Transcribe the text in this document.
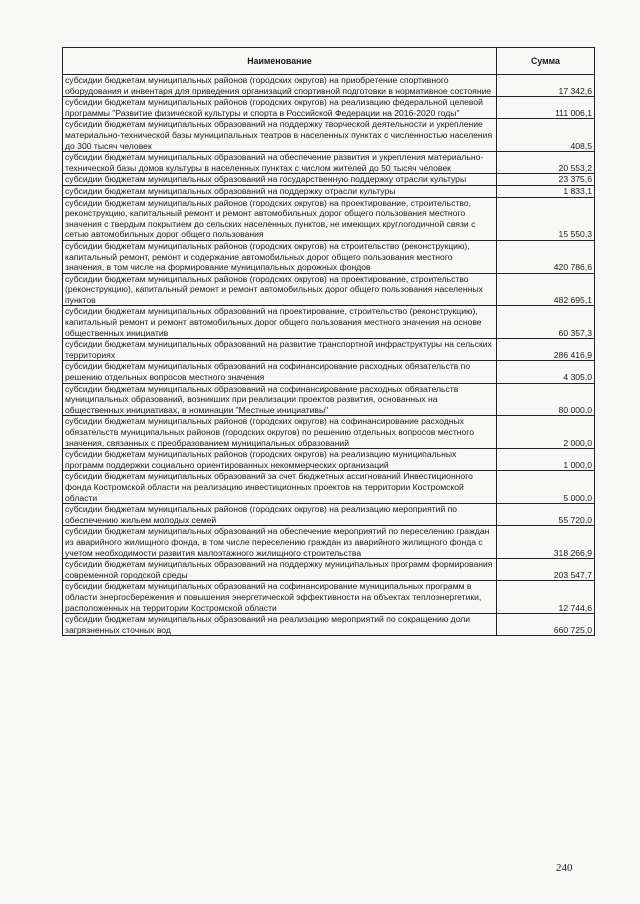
Наименование	Сумма
субсидии бюджетам муниципальных районов (городских округов) на приобретение спортивного оборудования и инвентаря для приведения организаций спортивной подготовки в нормативное состояние	17 342,6
субсидии бюджетам муниципальных районов (городских округов) на реализацию федеральной целевой программы "Развитие физической культуры и спорта в Российской Федерации на 2016-2020 годы"	111 006,1
субсидии бюджетам муниципальных образований на поддержку творческой деятельности и укрепление материально-технической базы муниципальных театров в населенных пунктах с численностью населения до 300 тысяч человек	408,5
субсидии бюджетам муниципальных образований на обеспечение развития и укрепления материально-технической базы домов культуры в населенных пунктах с числом жителей до 50 тысяч человек	20 553,2
субсидии бюджетам муниципальных образований на государственную поддержку отрасли культуры	23 375,6
субсидии бюджетам муниципальных образований на поддержку отрасли культуры	1 833,1
субсидии бюджетам муниципальных районов (городских округов) на проектирование, строительство, реконструкцию, капитальный ремонт и ремонт автомобильных дорог общего пользования местного значения с твердым покрытием до сельских населенных пунктов, не имеющих круглогодичной связи с сетью автомобильных дорог общего пользования	15 550,3
субсидии бюджетам муниципальных районов (городских округов) на строительство (реконструкцию), капитальный ремонт, ремонт и содержание автомобильных дорог общего пользования местного значения, в том числе на формирование муниципальных дорожных фондов	420 786,6
субсидии бюджетам муниципальных районов (городских округов) на проектирование, строительство (реконструкцию), капитальный ремонт и ремонт автомобильных дорог общего пользования населенных пунктов	482 695,1
субсидии бюджетам муниципальных образований на проектирование, строительство (реконструкцию), капитальный ремонт и ремонт автомобильных дорог общего пользования местного значения на основе общественных инициатив	60 357,3
субсидии бюджетам муниципальных образований на развитие транспортной инфраструктуры на сельских территориях	286 416,9
субсидии бюджетам муниципальных образований на софинансирование расходных обязательств по решению отдельных вопросов местного значения	4 305,0
субсидии бюджетам муниципальных образований на софинансирование расходных обязательств муниципальных образований, возникших при реализации проектов развития, основанных на общественных инициативах, в номинации "Местные инициативы"	80 000,0
субсидии бюджетам муниципальных районов (городских округов) на софинансирование расходных обязательств муниципальных районов (городских округов) по решению отдельных вопросов местного значения, связанных с преобразованием муниципальных образований	2 000,0
субсидии бюджетам муниципальных районов (городских округов) на реализацию муниципальных программ поддержки социально ориентированных некоммерческих организаций	1 000,0
субсидии бюджетам муниципальных образований за счет бюджетных ассигнований Инвестиционного фонда Костромской области на реализацию инвестиционных проектов на территории Костромской области	5 000,0
субсидии бюджетам муниципальных районов (городских округов) на реализацию мероприятий по обеспечению жильем молодых семей	55 720,0
субсидии бюджетам муниципальных образований на обеспечение мероприятий по переселению граждан из аварийного жилищного фонда, в том числе переселению граждан из аварийного жилищного фонда с учетом необходимости развития малоэтажного жилищного строительства	318 266,9
субсидии бюджетам муниципальных образований на поддержку муниципальных программ формирования современной городской среды	203 547,7
субсидии бюджетам муниципальных образований на софинансирование муниципальных программ в области энергосбережения и повышения энергетической эффективности на объектах теплоэнергетики, расположенных на территории Костромской области	12 744,6
субсидии бюджетам муниципальных образований на реализацию мероприятий по сокращению доли загрязненных сточных вод	660 725,0
240
